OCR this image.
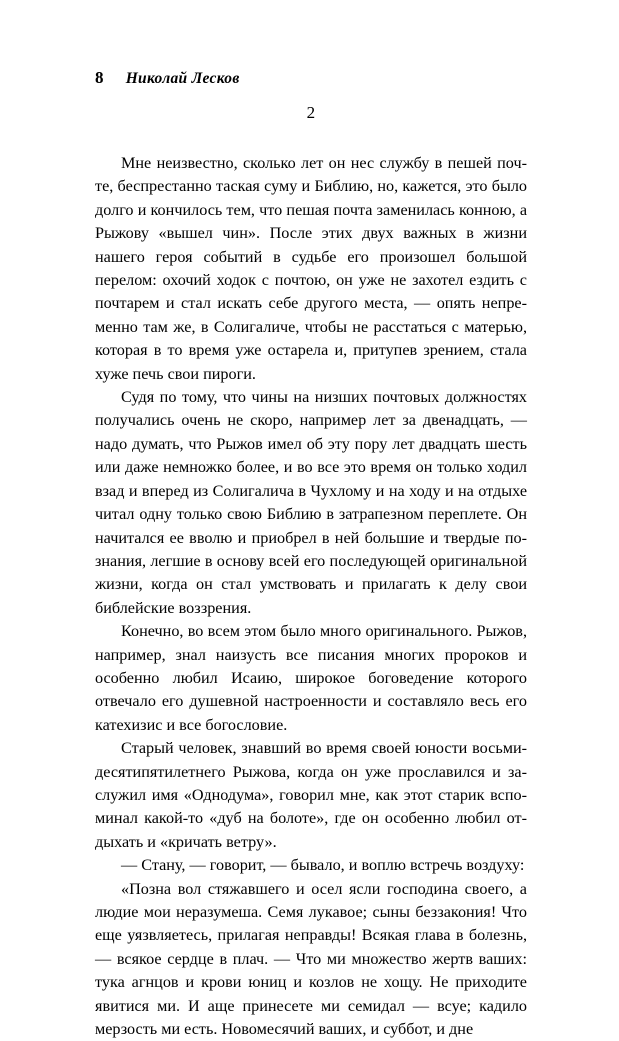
8 Николай Лесков
2

Мне неизвестно, сколько лет он нес службу в пешей почте, беспрестанно таская суму и Библию, но, кажется, это было долго и кончилось тем, что пешая почта заменилась конною, а Рыжову «вышел чин». После этих двух важных в жизни нашего героя событий в судьбе его произошел большой перелом: охочий ходок с почтою, он уже не захотел ездить с почтарем и стал искать себе другого места, — опять непременно там же, в Солигаличе, чтобы не расстаться с матерью, которая в то время уже остарела и, притупев зрением, стала хуже печь свои пироги.

Судя по тому, что чины на низших почтовых должностях получались очень не скоро, например лет за двенадцать, — надо думать, что Рыжов имел об эту пору лет двадцать шесть или даже немножко более, и во все это время он только ходил взад и вперед из Солигалича в Чухлому и на ходу и на отдыхе читал одну только свою Библию в затрапезном переплете. Он начитался ее вволю и приобрел в ней большие и твердые познания, легшие в основу всей его последующей оригинальной жизни, когда он стал умствовать и прилагать к делу свои библейские воззрения.

Конечно, во всем этом было много оригинального. Рыжов, например, знал наизусть все писания многих пророков и особенно любил Исаию, широкое боговедение которого отвечало его душевной настроенности и составляло весь его катехизис и все богословие.

Старый человек, знавший во время своей юности восьмидесятипятилетнего Рыжова, когда он уже прославился и заслужил имя «Однодума», говорил мне, как этот старик вспоминал какой-то «дуб на болоте», где он особенно любил отдыхать и «кричать ветру».

— Стану, — говорит, — бывало, и воплю встречь воздуху:

«Позна вол стяжавшего и осел ясли господина своего, а людие мои неразумеша. Семя лукавое; сыны беззакония! Что еще уязвляетесь, прилагая неправды! Всякая глава в болезнь, — всякое сердце в плач. — Что ми множество жертв ваших: тука агнцов и крови юниц и козлов не хощу. Не приходите явитися ми. И аще принесете ми семидал — всуе; кадило мерзость ми есть. Новомесячий ваших, и суббот, и дне
